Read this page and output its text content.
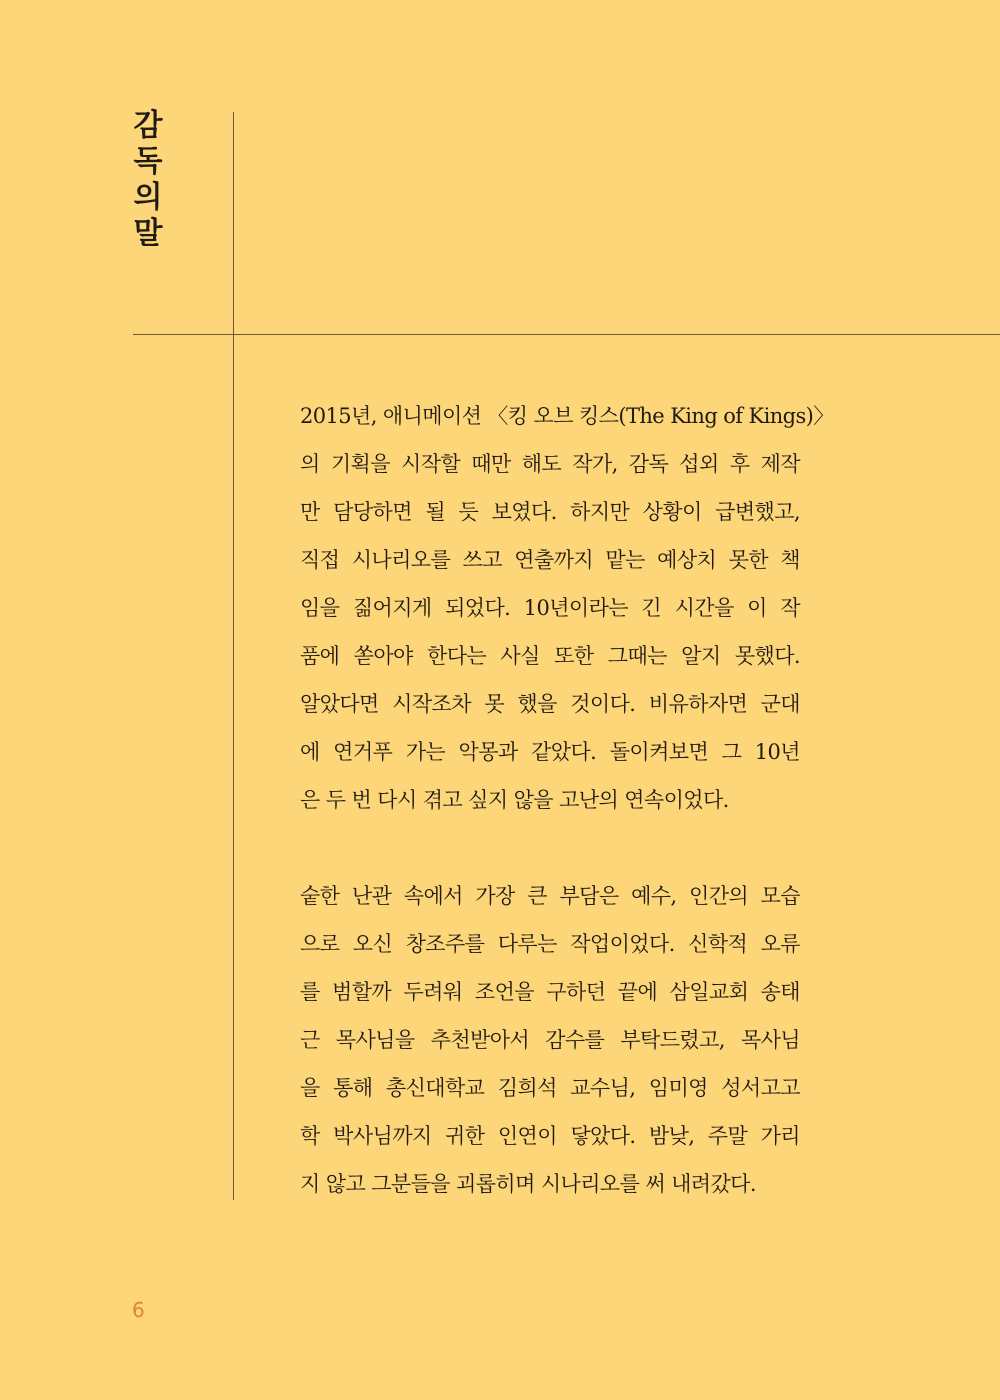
감
독
의
말
2015년, 애니메이션 〈킹 오브 킹스(The King of Kings)〉
의 기획을 시작할 때만 해도 작가, 감독 섭외 후 제작
만 담당하면 될 듯 보였다. 하지만 상황이 급변했고,
직접 시나리오를 쓰고 연출까지 맡는 예상치 못한 책
임을 짊어지게 되었다. 10년이라는 긴 시간을 이 작
품에 쏟아야 한다는 사실 또한 그때는 알지 못했다.
알았다면 시작조차 못 했을 것이다. 비유하자면 군대
에 연거푸 가는 악몽과 같았다. 돌이켜보면 그 10년
은 두 번 다시 겪고 싶지 않을 고난의 연속이었다.
숱한 난관 속에서 가장 큰 부담은 예수, 인간의 모습
으로 오신 창조주를 다루는 작업이었다. 신학적 오류
를 범할까 두려워 조언을 구하던 끝에 삼일교회 송태
근 목사님을 추천받아서 감수를 부탁드렸고, 목사님
을 통해 총신대학교 김희석 교수님, 임미영 성서고고
학 박사님까지 귀한 인연이 닿았다. 밤낮, 주말 가리
지 않고 그분들을 괴롭히며 시나리오를 써 내려갔다.
6
